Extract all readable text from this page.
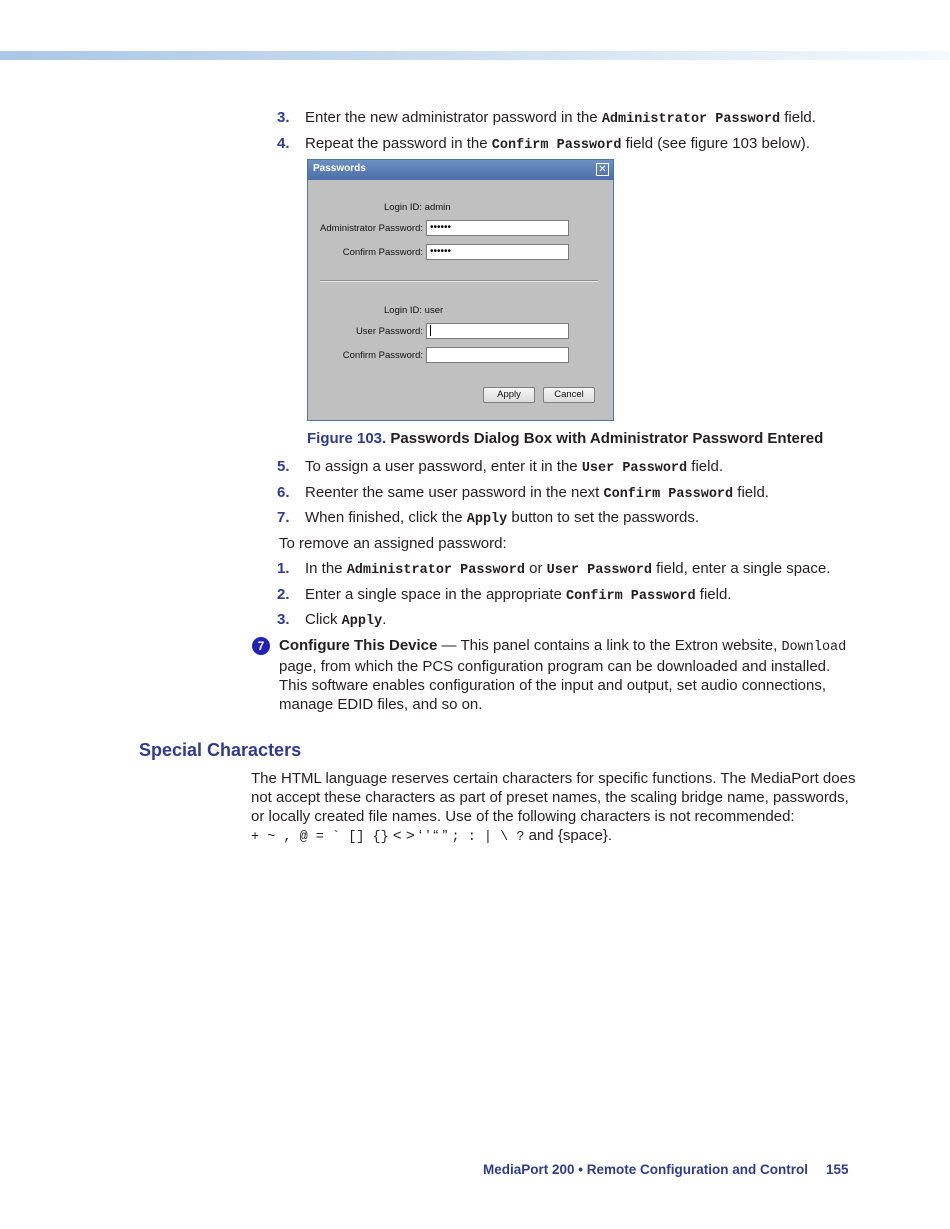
3. Enter the new administrator password in the Administrator Password field.
4. Repeat the password in the Confirm Password field (see figure 103 below).
Passwords	✕
Login ID: admin
Administrator Password: ••••••
Confirm Password: ••••••
Login ID: user
User Password:
Confirm Password:
Apply	Cancel
Figure 103. Passwords Dialog Box with Administrator Password Entered
5. To assign a user password, enter it in the User Password field.
6. Reenter the same user password in the next Confirm Password field.
7. When finished, click the Apply button to set the passwords.
To remove an assigned password:
1. In the Administrator Password or User Password field, enter a single space.
2. Enter a single space in the appropriate Confirm Password field.
3. Click Apply.
7 Configure This Device — This panel contains a link to the Extron website, Download
page, from which the PCS configuration program can be downloaded and installed.
This software enables configuration of the input and output, set audio connections,
manage EDID files, and so on.
Special Characters
The HTML language reserves certain characters for specific functions. The MediaPort does
not accept these characters as part of preset names, the scaling bridge name, passwords,
or locally created file names. Use of the following characters is not recommended:
+ ~ , @ = ` [] {} < > ‘ ’ “ ” ; : | \ ? and {space}.
MediaPort 200 • Remote Configuration and Control 155
